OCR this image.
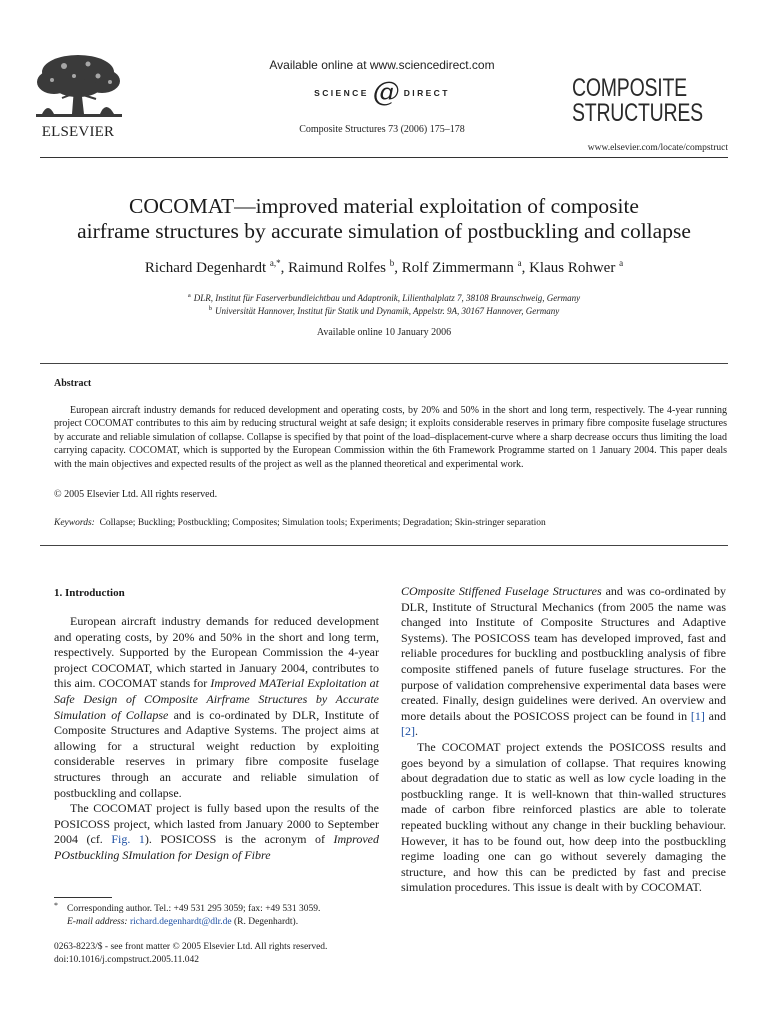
ELSEVIER
Available online at www.sciencedirect.com
SCIENCE @ DIRECT
Composite Structures 73 (2006) 175–178
COMPOSITE
STRUCTURES
www.elsevier.com/locate/compstruct
COCOMAT—improved material exploitation of composite
airframe structures by accurate simulation of postbuckling and collapse
Richard Degenhardt $^{a,*}$, Raimund Rolfes $^b$, Rolf Zimmermann $^a$, Klaus Rohwer $^a$
$^a$ DLR, Institut für Faserverbundleichtbau und Adaptronik, Lilienthalplatz 7, 38108 Braunschweig, Germany
$^b$ Universität Hannover, Institut für Statik und Dynamik, Appelstr. 9A, 30167 Hannover, Germany
Available online 10 January 2006
Abstract
European aircraft industry demands for reduced development and operating costs, by 20% and 50% in the short and long term, respectively. The 4-year running project COCOMAT contributes to this aim by reducing structural weight at safe design; it exploits considerable reserves in primary fibre composite fuselage structures by accurate and reliable simulation of collapse. Collapse is specified by that point of the load–displacement-curve where a sharp decrease occurs thus limiting the load carrying capacity. COCOMAT, which is supported by the European Commission within the 6th Framework Programme started on 1 January 2004. This paper deals with the main objectives and expected results of the project as well as the planned theoretical and experimental work.
© 2005 Elsevier Ltd. All rights reserved.
Keywords: Collapse; Buckling; Postbuckling; Composites; Simulation tools; Experiments; Degradation; Skin-stringer separation
1. Introduction

European aircraft industry demands for reduced development and operating costs, by 20% and 50% in the short and long term, respectively. Supported by the European Commission the 4-year project COCOMAT, which started in January 2004, contributes to this aim. COCOMAT stands for Improved MATerial Exploitation at Safe Design of COmposite Airframe Structures by Accurate Simulation of Collapse and is co-ordinated by DLR, Institute of Composite Structures and Adaptive Systems. The project aims at allowing for a structural weight reduction by exploiting considerable reserves in primary fibre composite fuselage structures through an accurate and reliable simulation of postbuckling and collapse.

The COCOMAT project is fully based upon the results of the POSICOSS project, which lasted from January 2000 to September 2004 (cf. Fig. 1). POSICOSS is the acronym of Improved POstbuckling SImulation for Design of Fibre

COmposite Stiffened Fuselage Structures and was co-ordinated by DLR, Institute of Structural Mechanics (from 2005 the name was changed into Institute of Composite Structures and Adaptive Systems). The POSICOSS team has developed improved, fast and reliable procedures for buckling and postbuckling analysis of fibre composite stiffened panels of future fuselage structures. For the purpose of validation comprehensive experimental data bases were created. Finally, design guidelines were derived. An overview and more details about the POSICOSS project can be found in [1] and [2].

The COCOMAT project extends the POSICOSS results and goes beyond by a simulation of collapse. That requires knowing about degradation due to static as well as low cycle loading in the postbuckling range. It is well-known that thin-walled structures made of carbon fibre reinforced plastics are able to tolerate repeated buckling without any change in their buckling behaviour. However, it has to be found out, how deep into the postbuckling regime loading one can go without severely damaging the structure, and how this can be predicted by fast and precise simulation procedures. This issue is dealt with by COCOMAT.

* Corresponding author. Tel.: +49 531 295 3059; fax: +49 531 3059.
E-mail address: richard.degenhardt@dlr.de (R. Degenhardt).
0263-8223/$ - see front matter © 2005 Elsevier Ltd. All rights reserved.
doi:10.1016/j.compstruct.2005.11.042
